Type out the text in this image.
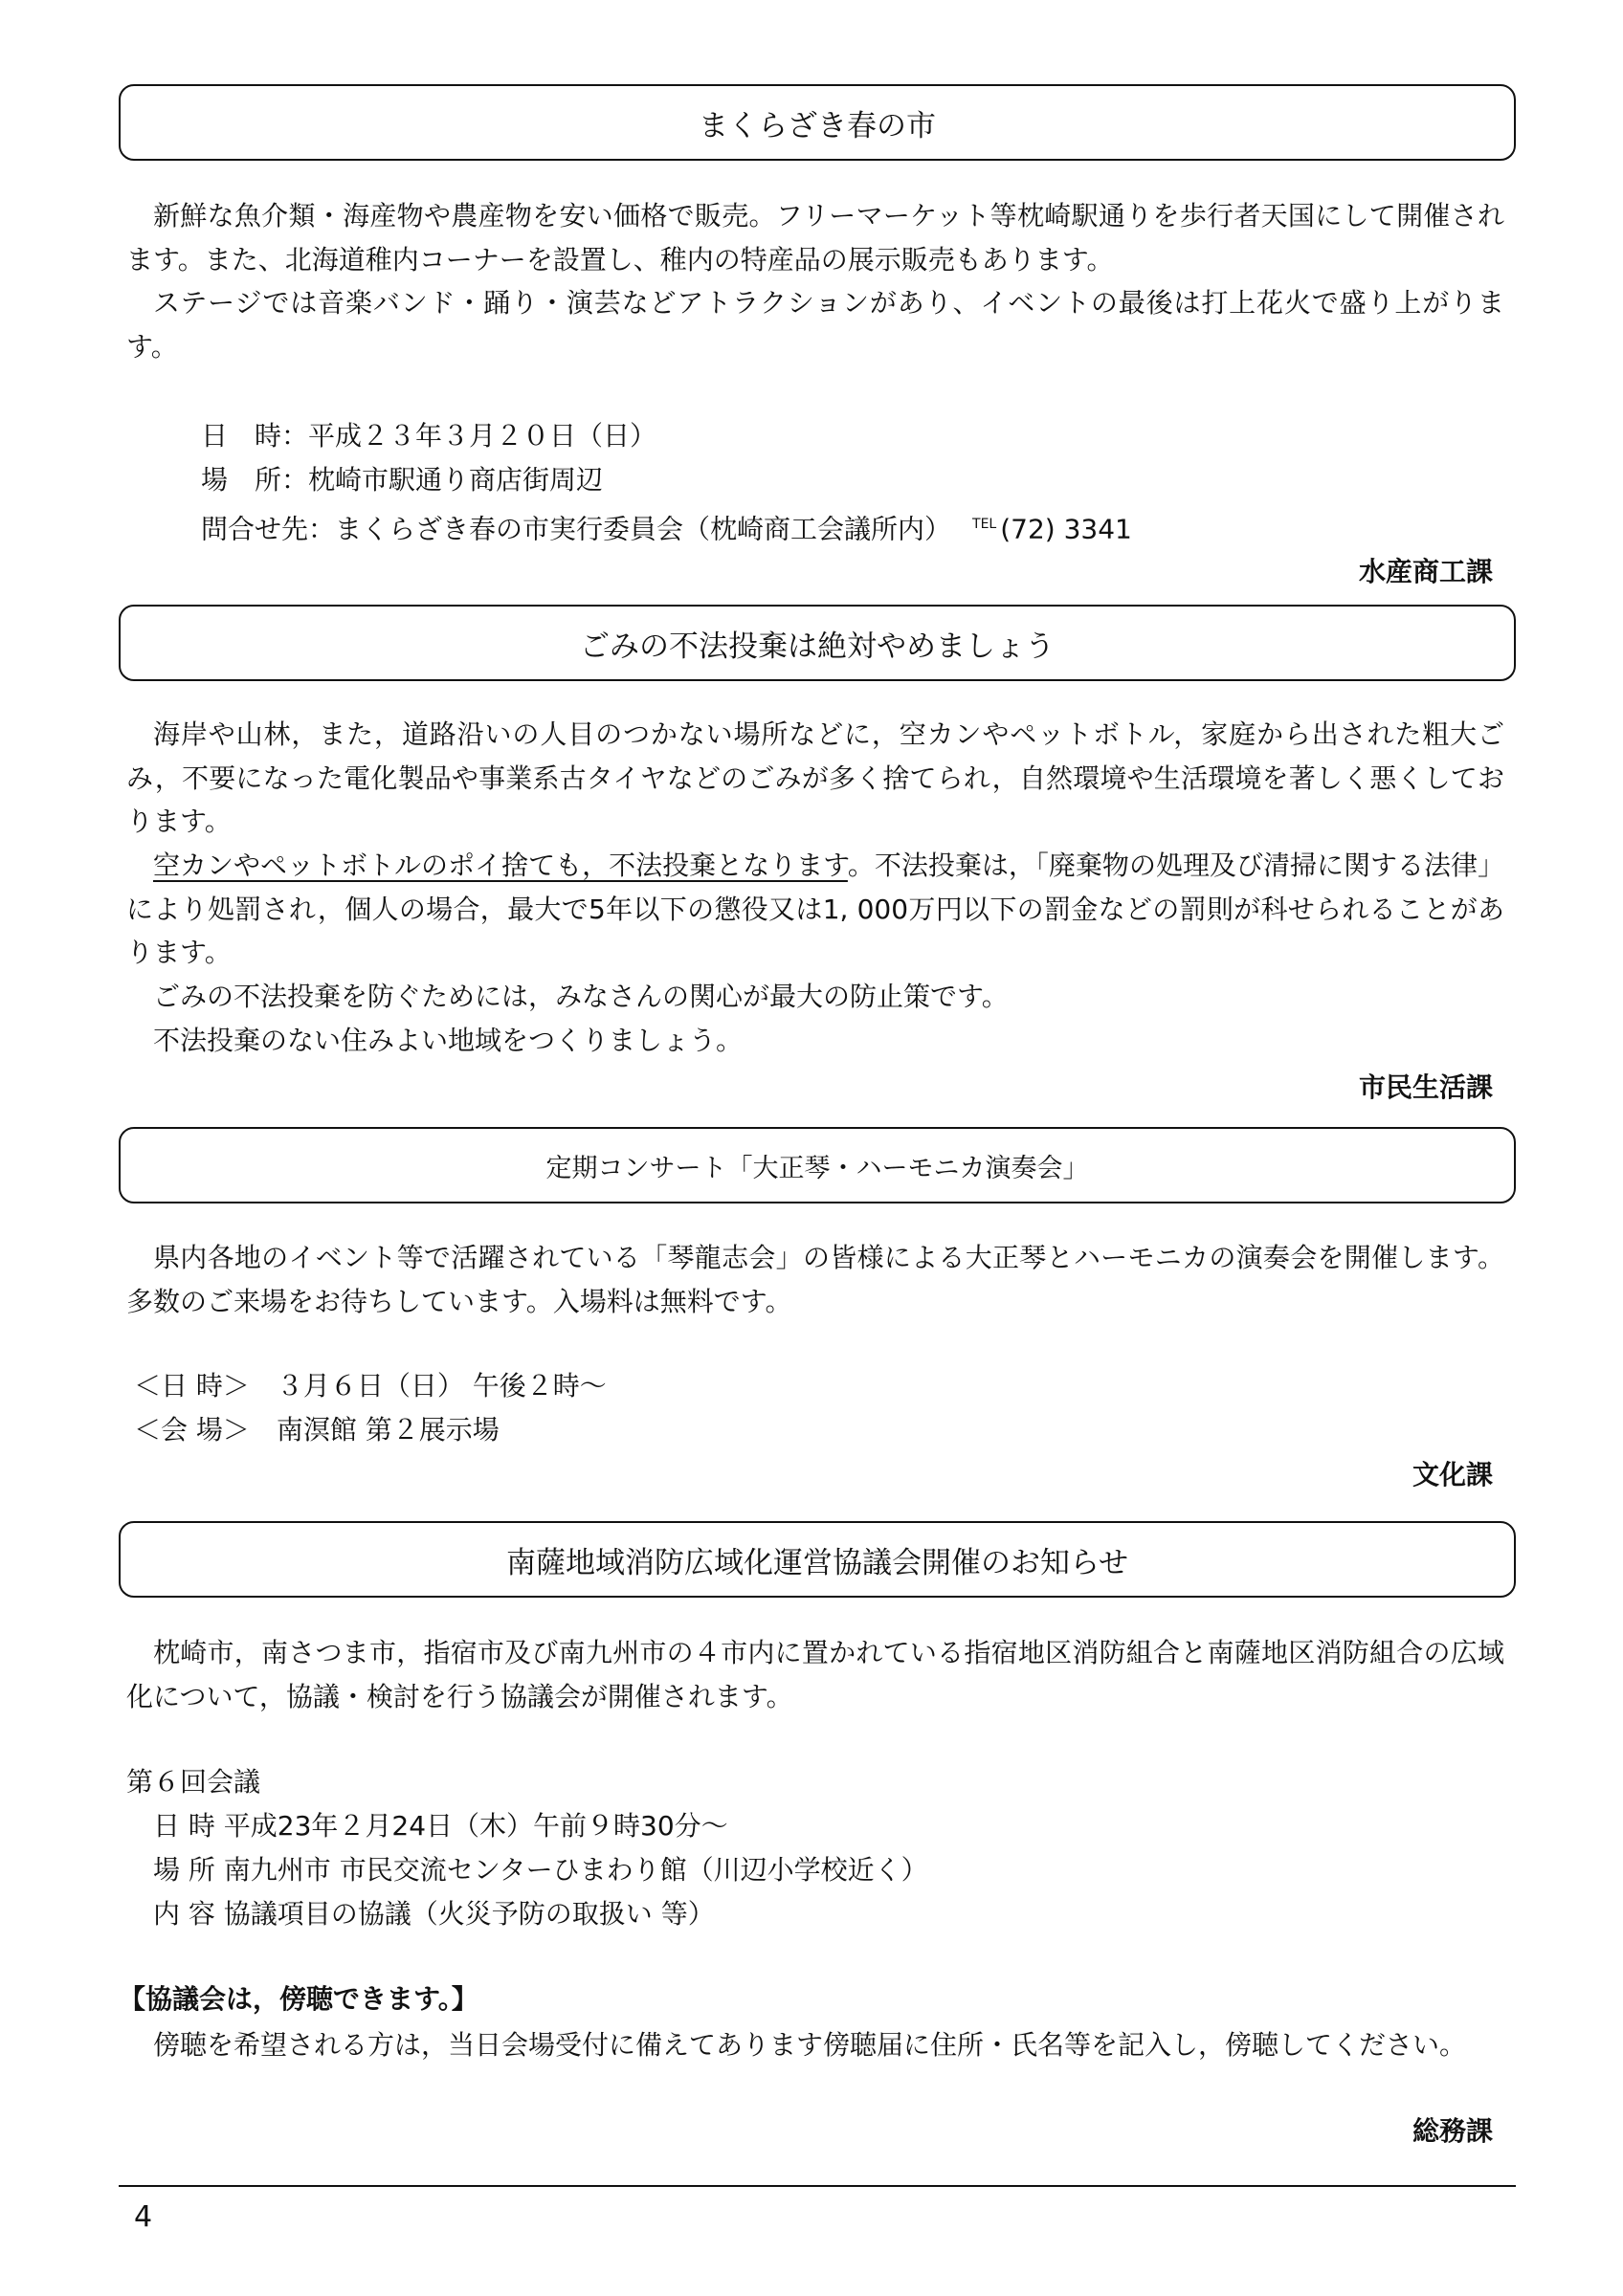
まくらざき春の市

新鮮な魚介類・海産物や農産物を安い価格で販売。フリーマーケット等枕崎駅通りを歩行者天国にして開催されます。また、北海道稚内コーナーを設置し、稚内の特産品の展示販売もあります。

ステージでは音楽バンド・踊り・演芸などアトラクションがあり、イベントの最後は打上花火で盛り上がります。

日　時：平成２３年３月２０日（日）
場　所：枕崎市駅通り商店街周辺
問合せ先：まくらざき春の市実行委員会（枕崎商工会議所内） $^{TEL}$ (72) 3341
水産商工課
ごみの不法投棄は絶対やめましょう

海岸や山林，また，道路沿いの人目のつかない場所などに，空カンやペットボトル，家庭から出された粗大ごみ，不要になった電化製品や事業系古タイヤなどのごみが多く捨てられ，自然環境や生活環境を著しく悪くしております。

空カンやペットボトルのポイ捨ても，不法投棄となります。不法投棄は，「廃棄物の処理及び清掃に関する法律」により処罰され，個人の場合，最大で5年以下の懲役又は1, 000万円以下の罰金などの罰則が科せられることがあります。

ごみの不法投棄を防ぐためには，みなさんの関心が最大の防止策です。

不法投棄のない住みよい地域をつくりましょう。

市民生活課
定期コンサート「大正琴・ハーモニカ演奏会」

県内各地のイベント等で活躍されている「琴龍志会」の皆様による大正琴とハーモニカの演奏会を開催します。多数のご来場をお待ちしています。入場料は無料です。

＜日 時＞　３月６日（日） 午後２時～
＜会 場＞　南溟館 第２展示場
文化課
南薩地域消防広域化運営協議会開催のお知らせ

枕崎市，南さつま市，指宿市及び南九州市の４市内に置かれている指宿地区消防組合と南薩地区消防組合の広域化について，協議・検討を行う協議会が開催されます。

第６回会議
日 時 平成23年２月24日（木）午前９時30分～
場 所 南九州市 市民交流センターひまわり館（川辺小学校近く）
内 容 協議項目の協議（火災予防の取扱い 等）
【協議会は，傍聴できます。】

傍聴を希望される方は，当日会場受付に備えてあります傍聴届に住所・氏名等を記入し，傍聴してください。

総務課
4
